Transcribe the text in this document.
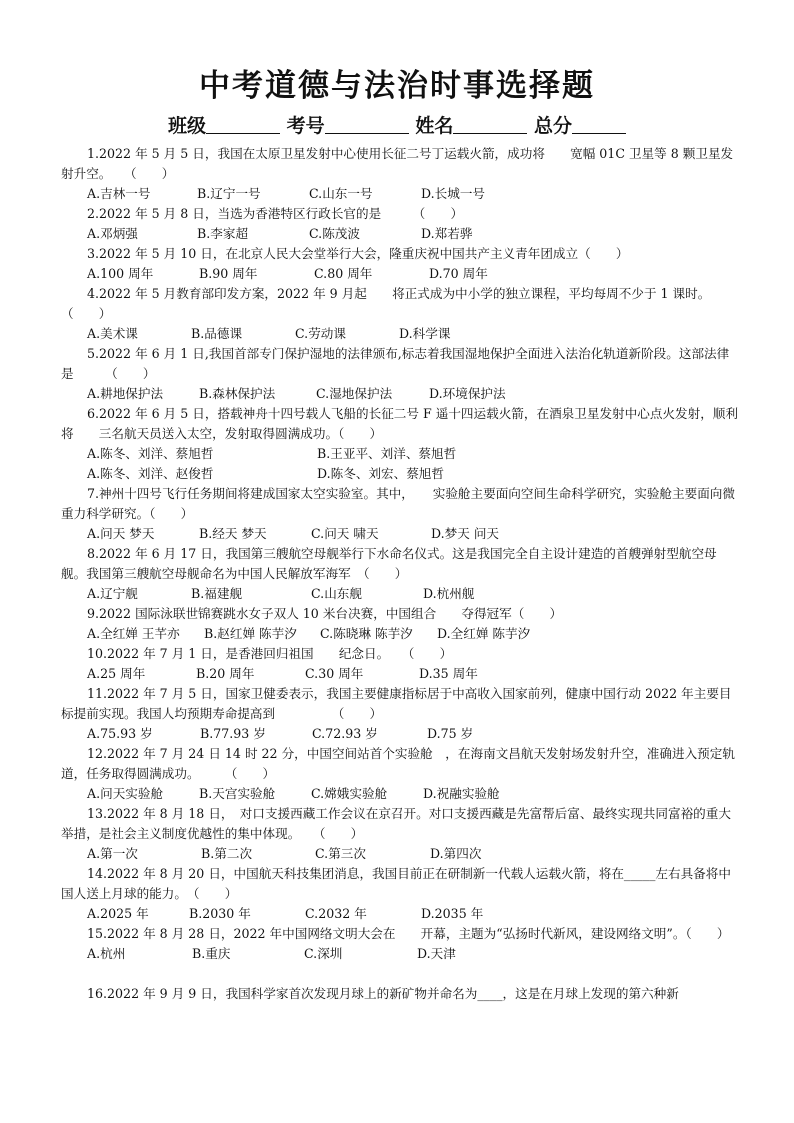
中考道德与法治时事选择题
班级	考号	姓名	总分
1.2022 年 5 月 5 日，我国在太原卫星发射中心使用长征二号丁运载火箭，成功将　　宽幅 01C 卫星等 8 颗卫星发射升空。　　（　　）
A.吉林一号	B.辽宁一号	C.山东一号	D.长城一号
2.2022 年 5 月 8 日，当选为香港特区行政长官的是　　　（　　）
A.邓炳强	B.李家超	C.陈茂波	D.郑若骅
3.2022 年 5 月 10 日，在北京人民大会堂举行大会，隆重庆祝中国共产主义青年团成立（　　）
A.100 周年	B.90 周年	C.80 周年	D.70 周年
4.2022 年 5 月教育部印发方案，2022 年 9 月起　　将正式成为中小学的独立课程，平均每周不少于 1 课时。　（　　）
A.美术课	B.品德课	C.劳动课	D.科学课
5.2022 年 6 月 1 日,我国首部专门保护湿地的法律颁布,标志着我国湿地保护全面进入法治化轨道新阶段。这部法律是　　　（　　）
A.耕地保护法	B.森林保护法	C.湿地保护法	D.环境保护法
6.2022 年 6 月 5 日，搭载神舟十四号载人飞船的长征二号 F 遥十四运载火箭，在酒泉卫星发射中心点火发射，顺利将　　三名航天员送入太空，发射取得圆满成功。（　　）
A.陈冬、刘洋、蔡旭哲	B.王亚平、刘洋、蔡旭哲
A.陈冬、刘洋、赵俊哲	D.陈冬、刘宏、蔡旭哲
7.神州十四号飞行任务期间将建成国家太空实验室。其中，　　实验舱主要面向空间生命科学研究，实验舱主要面向微重力科学研究。（　　）
A.问天 梦天	B.经天 梦天	C.问天 啸天	D.梦天 问天
8.2022 年 6 月 17 日，我国第三艘航空母舰举行下水命名仪式。这是我国完全自主设计建造的首艘弹射型航空母舰。我国第三艘航空母舰命名为中国人民解放军海军　（　　）
A.辽宁舰	B.福建舰	C.山东舰	D.杭州舰
9.2022 国际泳联世锦赛跳水女子双人 10 米台决赛，中国组合　　夺得冠军（　　）
A.全红婵 王芊亦	B.赵红婵 陈芋汐	C.陈晓琳 陈芋汐	D.全红婵 陈芋汐
10.2022 年 7 月 1 日，是香港回归祖国　　纪念日。　　（　　）
A.25 周年	B.20 周年	C.30 周年	D.35 周年
11.2022 年 7 月 5 日，国家卫健委表示，我国主要健康指标居于中高收入国家前列，健康中国行动 2022 年主要目标提前实现。我国人均预期寿命提高到　　　　　（　　）
A.75.93 岁	B.77.93 岁	C.72.93 岁	D.75 岁
12.2022 年 7 月 24 日 14 时 22 分，中国空间站首个实验舱　，在海南文昌航天发射场发射升空，准确进入预定轨道，任务取得圆满成功。　　　（　　）
A.问天实验舱	B.天宫实验舱	C.嫦娥实验舱	D.祝融实验舱
13.2022 年 8 月 18 日，　对口支援西藏工作会议在京召开。对口支援西藏是先富帮后富、最终实现共同富裕的重大举措，是社会主义制度优越性的集中体现。　　（　　）
A.第一次	B.第二次	C.第三次	D.第四次
14.2022 年 8 月 20 日，中国航天科技集团消息，我国目前正在研制新一代载人运载火箭，将在_____左右具备将中国人送上月球的能力。　（　　）
A.2025 年	B.2030 年	C.2032 年	D.2035 年
15.2022 年 8 月 28 日，2022 年中国网络文明大会在　　开幕，主题为“弘扬时代新风，建设网络文明”。（　　）
A.杭州	B.重庆	C.深圳	D.天津
16.2022 年 9 月 9 日，我国科学家首次发现月球上的新矿物并命名为____，这是在月球上发现的第六种新
